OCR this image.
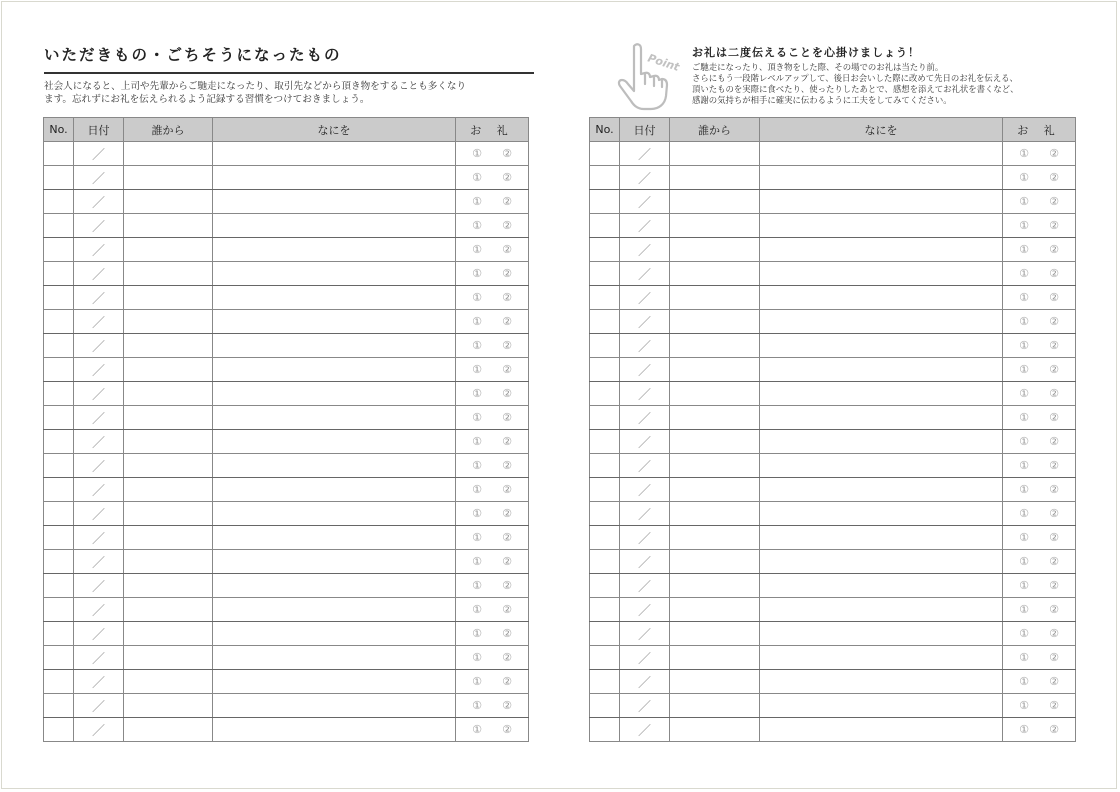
いただきもの・ごちそうになったもの
社会人になると、上司や先輩からご馳走になったり、取引先などから頂き物をすることも多くなり
ます。忘れずにお礼を伝えられるよう記録する習慣をつけておきましょう。
Point お礼は二度伝えることを心掛けましょう！
ご馳走になったり、頂き物をした際、その場でのお礼は当たり前。
さらにもう一段階レベルアップして、後日お会いした際に改めて先日のお礼を伝える、
頂いたものを実際に食べたり、使ったりしたあとで、感想を添えてお礼状を書くなど、
感謝の気持ちが相手に確実に伝わるように工夫をしてみてください。
No.	日付	誰から	なにを	お 礼
	／			① ②
	／			① ②
	／			① ②
	／			① ②
	／			① ②
	／			① ②
	／			① ②
	／			① ②
	／			① ②
	／			① ②
	／			① ②
	／			① ②
	／			① ②
	／			① ②
	／			① ②
	／			① ②
	／			① ②
	／			① ②
	／			① ②
	／			① ②
	／			① ②
	／			① ②
	／			① ②
	／			① ②
	／			① ②
No.	日付	誰から	なにを	お 礼
	／			① ②
	／			① ②
	／			① ②
	／			① ②
	／			① ②
	／			① ②
	／			① ②
	／			① ②
	／			① ②
	／			① ②
	／			① ②
	／			① ②
	／			① ②
	／			① ②
	／			① ②
	／			① ②
	／			① ②
	／			① ②
	／			① ②
	／			① ②
	／			① ②
	／			① ②
	／			① ②
	／			① ②
	／			① ②
